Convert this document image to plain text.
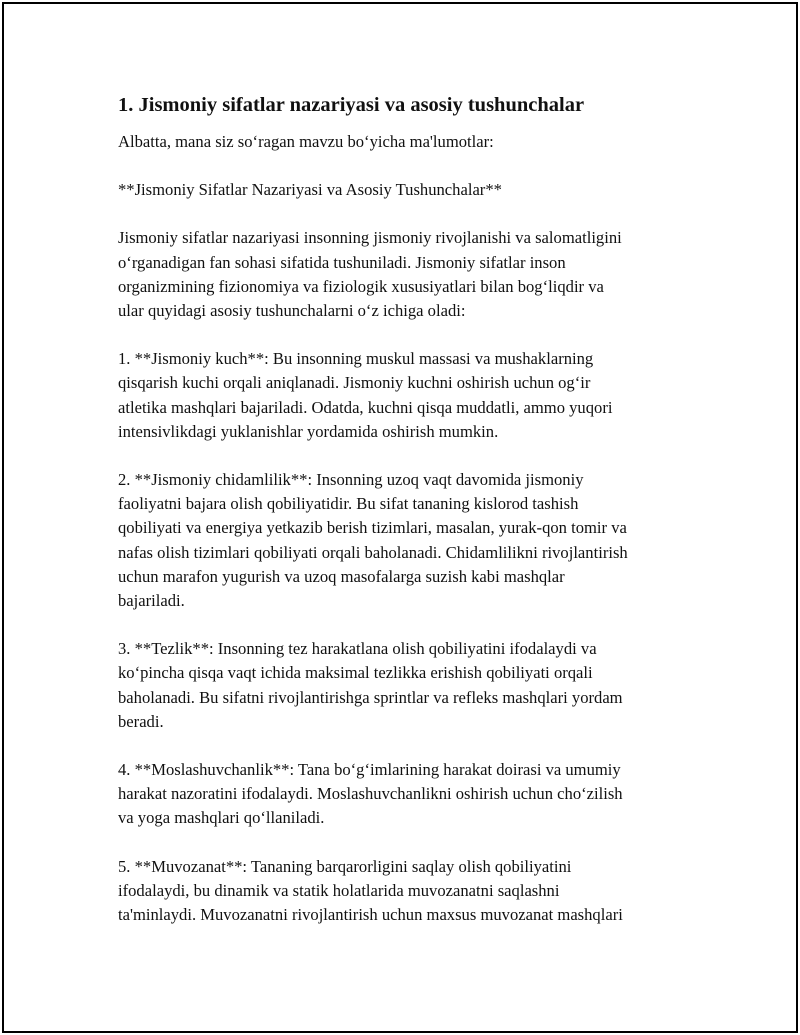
1. Jismoniy sifatlar nazariyasi va asosiy tushunchalar

Albatta, mana siz so‘ragan mavzu bo‘yicha ma'lumotlar:

**Jismoniy Sifatlar Nazariyasi va Asosiy Tushunchalar**

Jismoniy sifatlar nazariyasi insonning jismoniy rivojlanishi va salomatligini
o‘rganadigan fan sohasi sifatida tushuniladi. Jismoniy sifatlar inson
organizmining fizionomiya va fiziologik xususiyatlari bilan bog‘liqdir va
ular quyidagi asosiy tushunchalarni o‘z ichiga oladi:

1. **Jismoniy kuch**: Bu insonning muskul massasi va mushaklarning
qisqarish kuchi orqali aniqlanadi. Jismoniy kuchni oshirish uchun og‘ir
atletika mashqlari bajariladi. Odatda, kuchni qisqa muddatli, ammo yuqori
intensivlikdagi yuklanishlar yordamida oshirish mumkin.

2. **Jismoniy chidamlilik**: Insonning uzoq vaqt davomida jismoniy
faoliyatni bajara olish qobiliyatidir. Bu sifat tananing kislorod tashish
qobiliyati va energiya yetkazib berish tizimlari, masalan, yurak-qon tomir va
nafas olish tizimlari qobiliyati orqali baholanadi. Chidamlilikni rivojlantirish
uchun marafon yugurish va uzoq masofalarga suzish kabi mashqlar
bajariladi.

3. **Tezlik**: Insonning tez harakatlana olish qobiliyatini ifodalaydi va
ko‘pincha qisqa vaqt ichida maksimal tezlikka erishish qobiliyati orqali
baholanadi. Bu sifatni rivojlantirishga sprintlar va refleks mashqlari yordam
beradi.

4. **Moslashuvchanlik**: Tana bo‘g‘imlarining harakat doirasi va umumiy
harakat nazoratini ifodalaydi. Moslashuvchanlikni oshirish uchun cho‘zilish
va yoga mashqlari qo‘llaniladi.

5. **Muvozanat**: Tananing barqarorligini saqlay olish qobiliyatini
ifodalaydi, bu dinamik va statik holatlarida muvozanatni saqlashni
ta'minlaydi. Muvozanatni rivojlantirish uchun maxsus muvozanat mashqlari
